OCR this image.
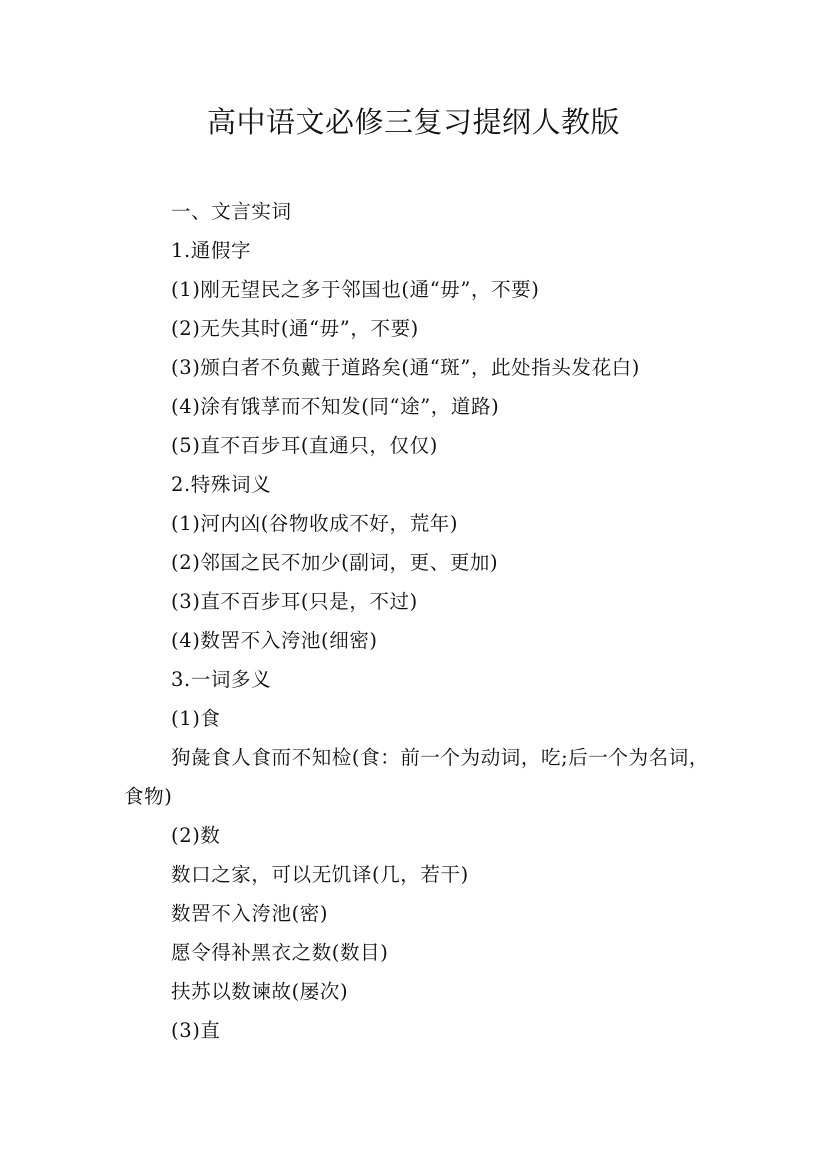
高中语文必修三复习提纲人教版
一、文言实词
1.通假字
(1)刚无望民之多于邻国也(通“毋”，不要)
(2)无失其时(通“毋”，不要)
(3)颁白者不负戴于道路矣(通“斑”，此处指头发花白)
(4)涂有饿莩而不知发(同“途”，道路)
(5)直不百步耳(直通只，仅仅)
2.特殊词义
(1)河内凶(谷物收成不好，荒年)
(2)邻国之民不加少(副词，更、更加)
(3)直不百步耳(只是，不过)
(4)数罟不入洿池(细密)
3.一词多义
(1)食
狗彘食人食而不知检(食：前一个为动词，吃;后一个为名词，食物)
(2)数
数口之家，可以无饥译(几，若干)
数罟不入洿池(密)
愿令得补黑衣之数(数目)
扶苏以数谏故(屡次)
(3)直
